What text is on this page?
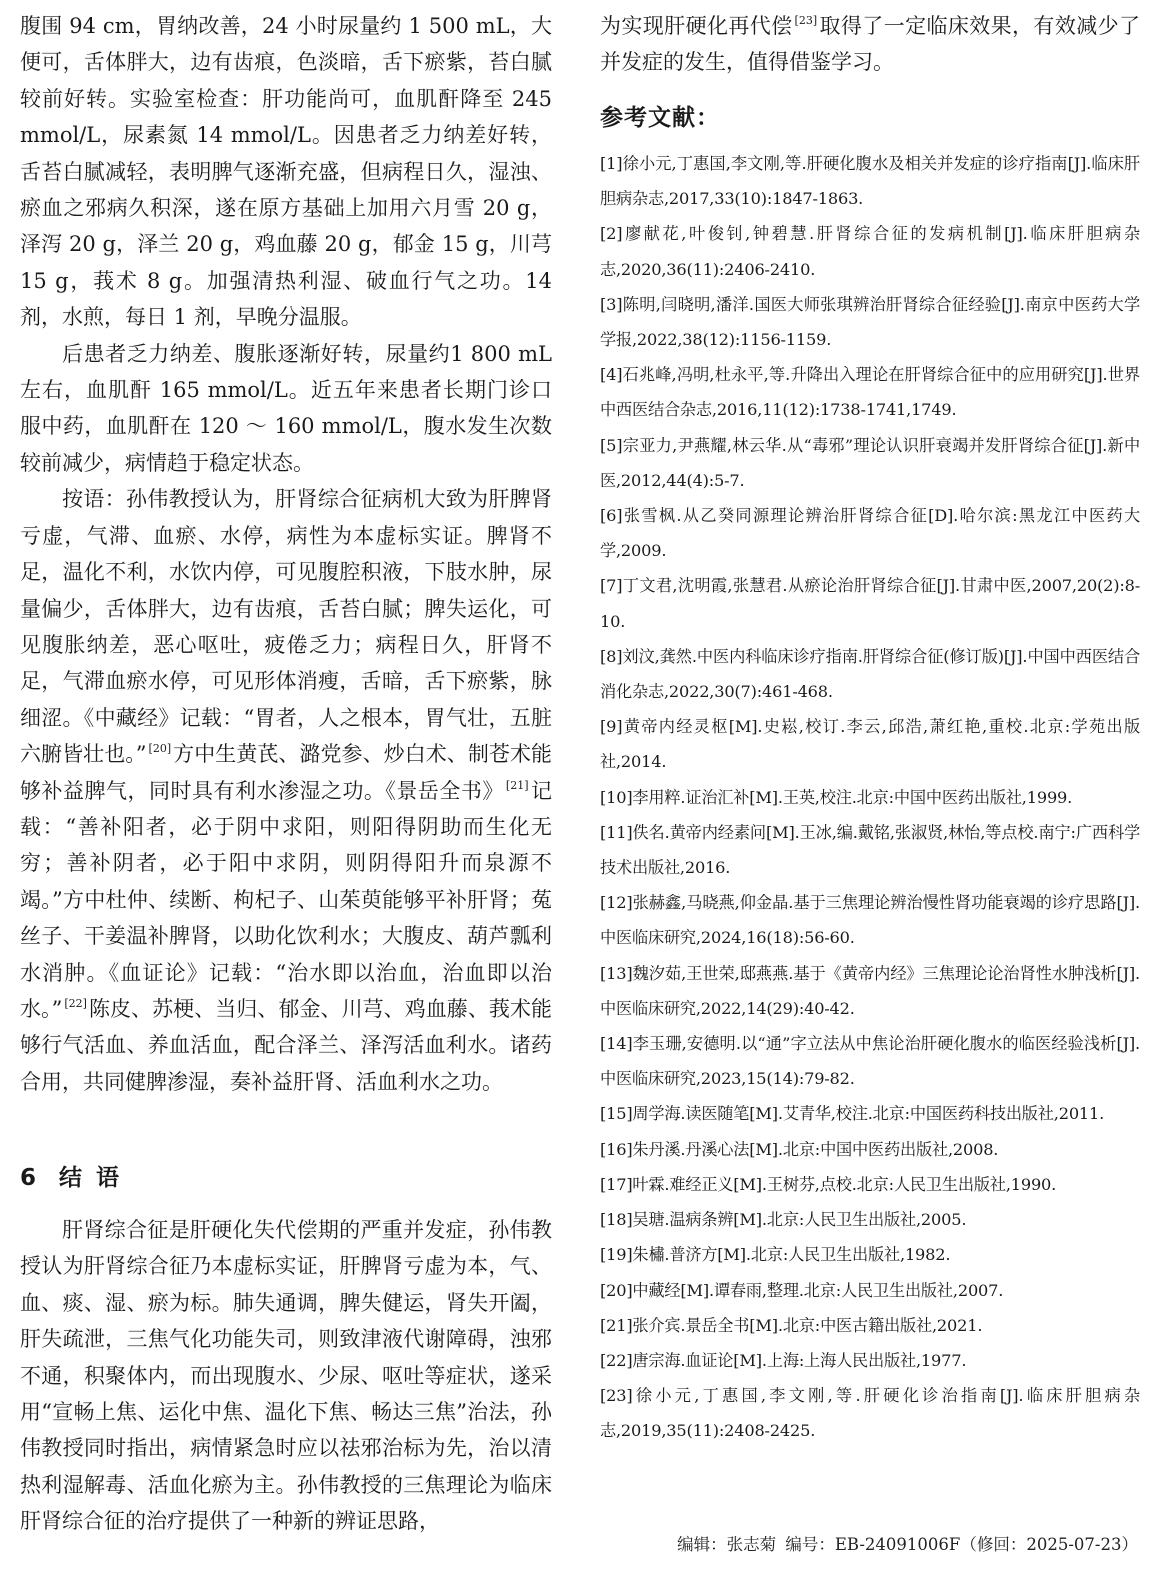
腹围 94 cm，胃纳改善，24 小时尿量约 1 500 mL，大便可，舌体胖大，边有齿痕，色淡暗，舌下瘀紫，苔白腻较前好转。实验室检查：肝功能尚可，血肌酐降至 245 mmol/L，尿素氮 14 mmol/L。因患者乏力纳差好转，舌苔白腻减轻，表明脾气逐渐充盛，但病程日久，湿浊、瘀血之邪病久积深，遂在原方基础上加用六月雪 20 g，泽泻 20 g，泽兰 20 g，鸡血藤 20 g，郁金 15 g，川芎 15 g，莪术 8 g。加强清热利湿、破血行气之功。14 剂，水煎，每日 1 剂，早晚分温服。

后患者乏力纳差、腹胀逐渐好转，尿量约1 800 mL左右，血肌酐 165 mmol/L。近五年来患者长期门诊口服中药，血肌酐在 120 ～ 160 mmol/L，腹水发生次数较前减少，病情趋于稳定状态。

按语：孙伟教授认为，肝肾综合征病机大致为肝脾肾亏虚，气滞、血瘀、水停，病性为本虚标实证。脾肾不足，温化不利，水饮内停，可见腹腔积液，下肢水肿，尿量偏少，舌体胖大，边有齿痕，舌苔白腻；脾失运化，可见腹胀纳差，恶心呕吐，疲倦乏力；病程日久，肝肾不足，气滞血瘀水停，可见形体消瘦，舌暗，舌下瘀紫，脉细涩。《中藏经》记载：“胃者，人之根本，胃气壮，五脏六腑皆壮也。” [20]方中生黄芪、潞党参、炒白术、制苍术能够补益脾气，同时具有利水渗湿之功。《景岳全书》 [21]记载：“善补阳者，必于阴中求阳，则阳得阴助而生化无穷；善补阴者，必于阳中求阴，则阴得阳升而泉源不竭。”方中杜仲、续断、枸杞子、山茱萸能够平补肝肾；菟丝子、干姜温补脾肾，以助化饮利水；大腹皮、葫芦瓢利水消肿。《血证论》记载：“治水即以治血，治血即以治水。” [22]陈皮、苏梗、当归、郁金、川芎、鸡血藤、莪术能够行气活血、养血活血，配合泽兰、泽泻活血利水。诸药合用，共同健脾渗湿，奏补益肝肾、活血利水之功。

6 结语

肝肾综合征是肝硬化失代偿期的严重并发症，孙伟教授认为肝肾综合征乃本虚标实证，肝脾肾亏虚为本，气、血、痰、湿、瘀为标。肺失通调，脾失健运，肾失开阖，肝失疏泄，三焦气化功能失司，则致津液代谢障碍，浊邪不通，积聚体内，而出现腹水、少尿、呕吐等症状，遂采用“宣畅上焦、运化中焦、温化下焦、畅达三焦”治法，孙伟教授同时指出，病情紧急时应以祛邪治标为先，治以清热利湿解毒、活血化瘀为主。孙伟教授的三焦理论为临床肝肾综合征的治疗提供了一种新的辨证思路，

为实现肝硬化再代偿 [23]取得了一定临床效果，有效减少了并发症的发生，值得借鉴学习。

参考文献：
[1]徐小元,丁惠国,李文刚,等.肝硬化腹水及相关并发症的诊疗指南[J].临床肝胆病杂志,2017,33(10):1847-1863.
[2]廖献花,叶俊钊,钟碧慧.肝肾综合征的发病机制[J].临床肝胆病杂志,2020,36(11):2406-2410.
[3]陈明,闫晓明,潘洋.国医大师张琪辨治肝肾综合征经验[J].南京中医药大学学报,2022,38(12):1156-1159.
[4]石兆峰,冯明,杜永平,等.升降出入理论在肝肾综合征中的应用研究[J].世界中西医结合杂志,2016,11(12):1738-1741,1749.
[5]宗亚力,尹燕耀,林云华.从“毒邪”理论认识肝衰竭并发肝肾综合征[J].新中医,2012,44(4):5-7.
[6]张雪枫.从乙癸同源理论辨治肝肾综合征[D].哈尔滨:黑龙江中医药大学,2009.
[7]丁文君,沈明霞,张慧君.从瘀论治肝肾综合征[J].甘肃中医,2007,20(2):8-10.
[8]刘汶,龚然.中医内科临床诊疗指南.肝肾综合征(修订版)[J].中国中西医结合消化杂志,2022,30(7):461-468.
[9]黄帝内经灵枢[M].史崧,校订.李云,邱浩,萧红艳,重校.北京:学苑出版社,2014.
[10]李用粹.证治汇补[M].王英,校注.北京:中国中医药出版社,1999.
[11]佚名.黄帝内经素问[M].王冰,编.戴铭,张淑贤,林怡,等点校.南宁:广西科学技术出版社,2016.
[12]张赫鑫,马晓燕,仰金晶.基于三焦理论辨治慢性肾功能衰竭的诊疗思路[J].中医临床研究,2024,16(18):56-60.
[13]魏汐茹,王世荣,邸燕燕.基于《黄帝内经》三焦理论论治肾性水肿浅析[J].中医临床研究,2022,14(29):40-42.
[14]李玉珊,安德明.以“通”字立法从中焦论治肝硬化腹水的临医经验浅析[J].中医临床研究,2023,15(14):79-82.
[15]周学海.读医随笔[M].艾青华,校注.北京:中国医药科技出版社,2011.
[16]朱丹溪.丹溪心法[M].北京:中国中医药出版社,2008.
[17]叶霖.难经正义[M].王树芬,点校.北京:人民卫生出版社,1990.
[18]吴瑭.温病条辨[M].北京:人民卫生出版社,2005.
[19]朱橚.普济方[M].北京:人民卫生出版社,1982.
[20]中藏经[M].谭春雨,整理.北京:人民卫生出版社,2007.
[21]张介宾.景岳全书[M].北京:中医古籍出版社,2021.
[22]唐宗海.血证论[M].上海:上海人民出版社,1977.
[23]徐小元,丁惠国,李文刚,等.肝硬化诊治指南[J].临床肝胆病杂志,2019,35(11):2408-2425.
编辑：张志菊 编号：EB-24091006F（修回：2025-07-23）
